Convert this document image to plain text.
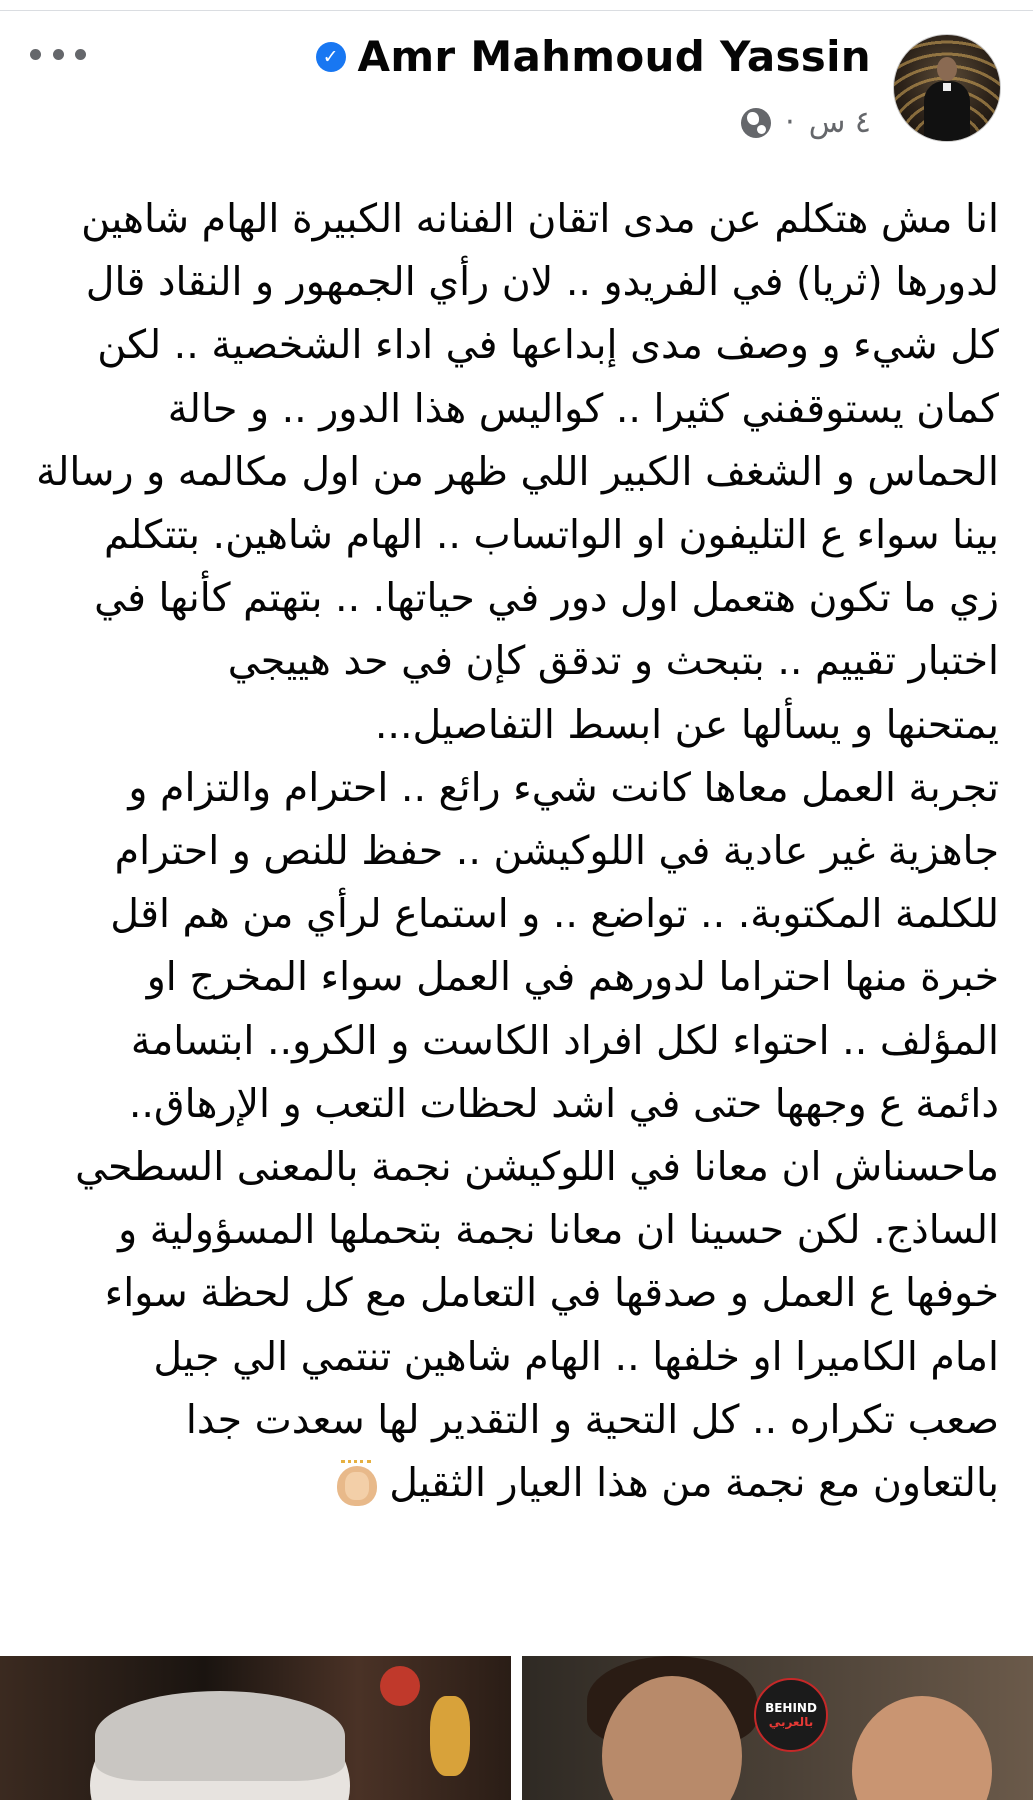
✓ Amr Mahmoud Yassin
· ٤ س

انا مش هتكلم عن مدى اتقان الفنانه الكبيرة الهام شاهين

لدورها (ثريا) في الفريدو .. لان رأي الجمهور و النقاد قال

كل شيء و وصف مدى إبداعها في اداء الشخصية .. لكن

كمان يستوقفني كثيرا .. كواليس هذا الدور .. و حالة

الحماس و الشغف الكبير اللي ظهر من اول مكالمه و رسالة

بينا سواء ع التليفون او الواتساب .. الهام شاهين. بتتكلم

زي ما تكون هتعمل اول دور في حياتها. .. بتهتم كأنها في

اختبار تقييم .. بتبحث و تدقق كإن في حد هييجي

يمتحنها و يسألها عن ابسط التفاصيل...

تجربة العمل معاها كانت شيء رائع .. احترام والتزام و

جاهزية غير عادية في اللوكيشن .. حفظ للنص و احترام

للكلمة المكتوبة. .. تواضع .. و استماع لرأي من هم اقل

خبرة منها احتراما لدورهم في العمل سواء المخرج او

المؤلف .. احتواء لكل افراد الكاست و الكرو.. ابتسامة

دائمة ع وجهها حتى في اشد لحظات التعب و الإرهاق..

ماحسناش ان معانا في اللوكيشن نجمة بالمعنى السطحي

الساذج. لكن حسينا ان معانا نجمة بتحملها المسؤولية و

خوفها ع العمل و صدقها في التعامل مع كل لحظة سواء

امام الكاميرا او خلفها .. الهام شاهين تنتمي الي جيل

صعب تكراره .. كل التحية و التقدير لها سعدت جدا

بالتعاون مع نجمة من هذا العيار الثقيل

BEHIND
بالعربي
